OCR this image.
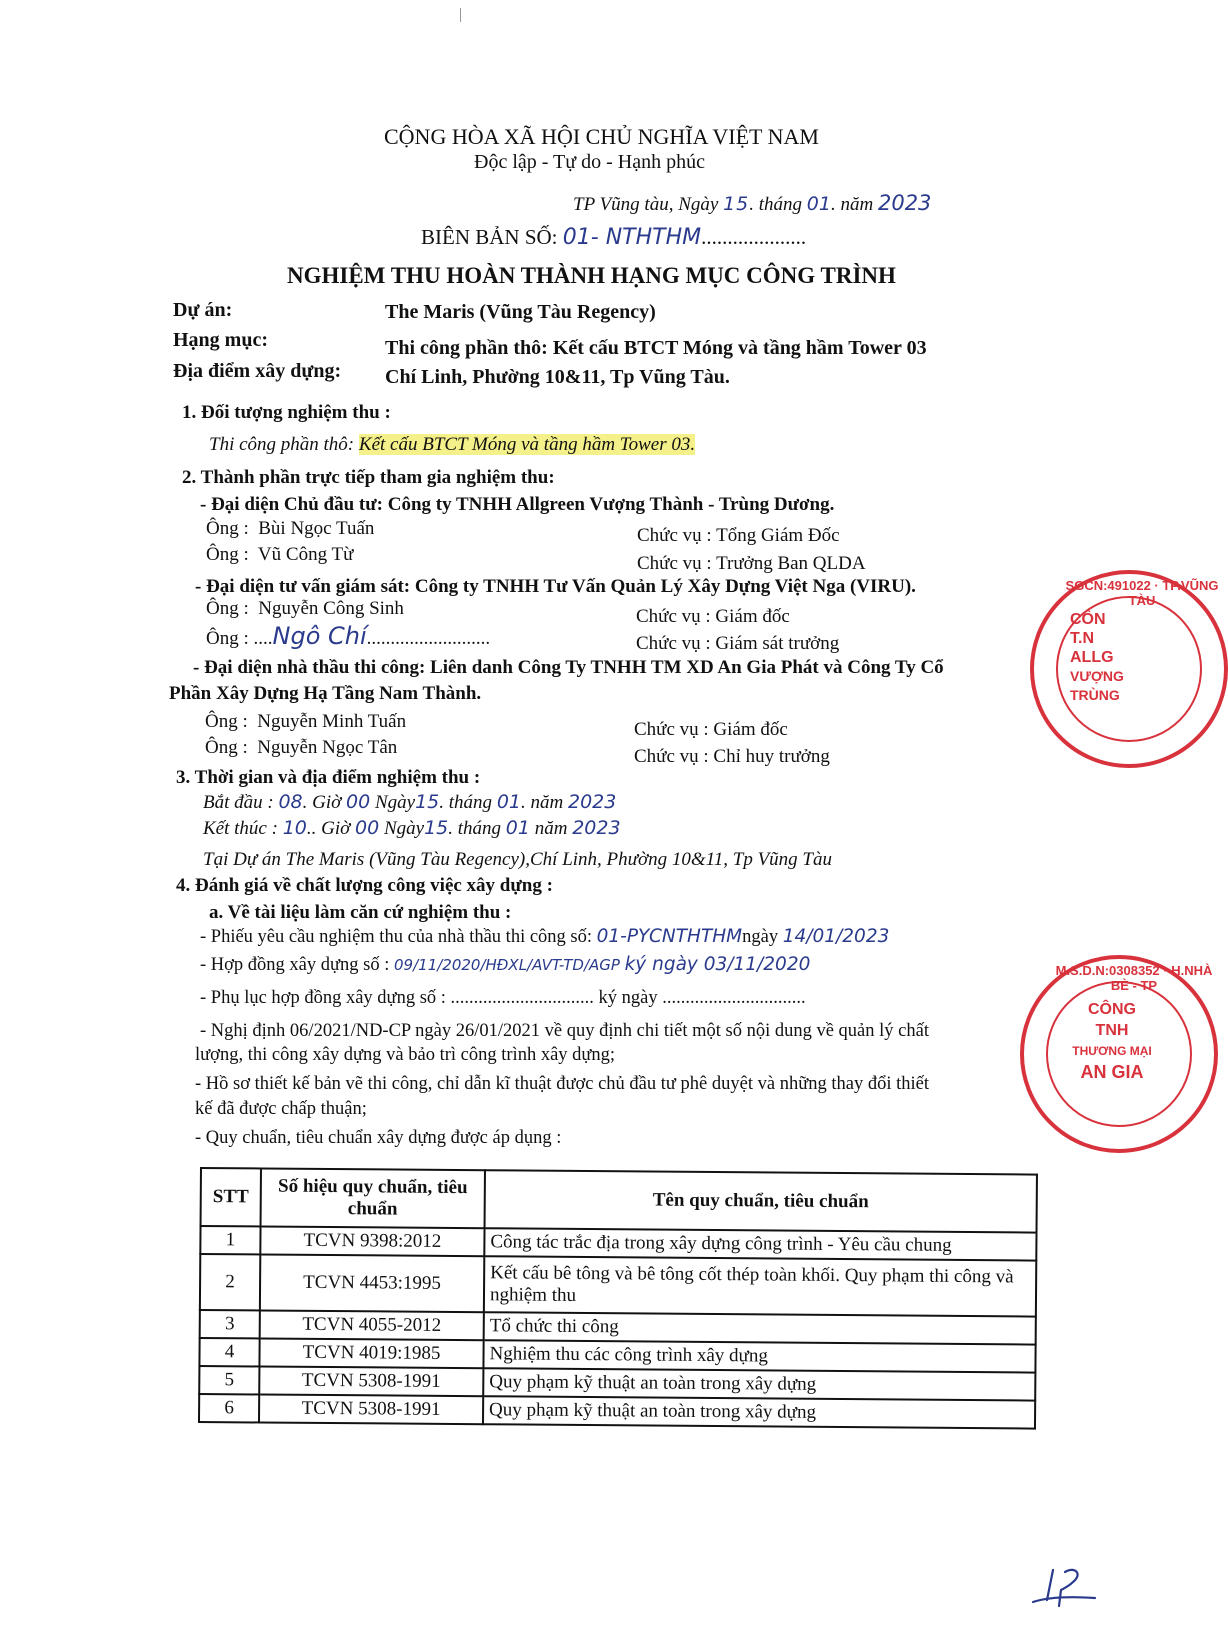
CỘNG HÒA XÃ HỘI CHỦ NGHĨA VIỆT NAM
Độc lập - Tự do - Hạnh phúc
TP Vũng tàu, Ngày 15. tháng 01. năm 2023
BIÊN BẢN SỐ: 01- NTHTHM....................
NGHIỆM THU HOÀN THÀNH HẠNG MỤC CÔNG TRÌNH
Dự án:	The Maris (Vũng Tàu Regency)
Hạng mục:	Thi công phần thô: Kết cấu BTCT Móng và tầng hầm Tower 03
Địa điểm xây dựng: Chí Linh, Phường 10&11, Tp Vũng Tàu.
1. Đối tượng nghiệm thu :
Thi công phần thô: Kết cấu BTCT Móng và tầng hầm Tower 03.
2. Thành phần trực tiếp tham gia nghiệm thu:
- Đại diện Chủ đầu tư: Công ty TNHH Allgreen Vượng Thành - Trùng Dương.
Ông : Bùi Ngọc Tuấn	Chức vụ : Tổng Giám Đốc
Ông : Vũ Công Từ	Chức vụ : Trưởng Ban QLDA
- Đại diện tư vấn giám sát: Công ty TNHH Tư Vấn Quản Lý Xây Dựng Việt Nga (VIRU).
Ông : Nguyễn Công Sinh	Chức vụ : Giám đốc
Ông : ....Ngô Chí..........................	Chức vụ : Giám sát trưởng
- Đại diện nhà thầu thi công: Liên danh Công Ty TNHH TM XD An Gia Phát và Công Ty Cổ
Phần Xây Dựng Hạ Tầng Nam Thành.
Ông : Nguyễn Minh Tuấn	Chức vụ : Giám đốc
Ông : Nguyễn Ngọc Tân	Chức vụ : Chỉ huy trưởng
3. Thời gian và địa điểm nghiệm thu :
Bắt đầu : 08. Giờ 00 Ngày15. tháng 01. năm 2023
Kết thúc : 10.. Giờ 00 Ngày15. tháng 01 năm 2023
Tại Dự án The Maris (Vũng Tàu Regency),Chí Linh, Phường 10&11, Tp Vũng Tàu
4. Đánh giá về chất lượng công việc xây dựng :
a. Về tài liệu làm căn cứ nghiệm thu :
- Phiếu yêu cầu nghiệm thu của nhà thầu thi công số: 01-PYCNTHTHMngày 14/01/2023
- Hợp đồng xây dựng số : 09/11/2020/HĐXL/AVT-TD/AGP ký ngày 03/11/2020
- Phụ lục hợp đồng xây dựng số : ............................... ký ngày ...............................
- Nghị định 06/2021/ND-CP ngày 26/01/2021 về quy định chi tiết một số nội dung về quản lý chất
lượng, thi công xây dựng và bảo trì công trình xây dựng;
- Hồ sơ thiết kế bản vẽ thi công, chỉ dẫn kĩ thuật được chủ đầu tư phê duyệt và những thay đổi thiết
kế đã được chấp thuận;
- Quy chuẩn, tiêu chuẩn xây dựng được áp dụng :
STT	Số hiệu quy chuẩn, tiêu chuẩn	Tên quy chuẩn, tiêu chuẩn
1	TCVN 9398:2012	Công tác trắc địa trong xây dựng công trình - Yêu cầu chung
2	TCVN 4453:1995	Kết cấu bê tông và bê tông cốt thép toàn khối. Quy phạm thi công và nghiệm thu
3	TCVN 4055-2012	Tổ chức thi công
4	TCVN 4019:1985	Nghiệm thu các công trình xây dựng
5	TCVN 5308-1991	Quy phạm kỹ thuật an toàn trong xây dựng
6	TCVN 5308-1991	Quy phạm kỹ thuật an toàn trong xây dựng
SGCN:491022 · TP.VŨNG TÀU
CÔN
T.N
ALLG
VƯỢNG
TRÙNG
M.S.D.N:0308352 · H.NHÀ BÈ - TP
CÔNG
TNH
THƯƠNG MẠI
AN GIA
